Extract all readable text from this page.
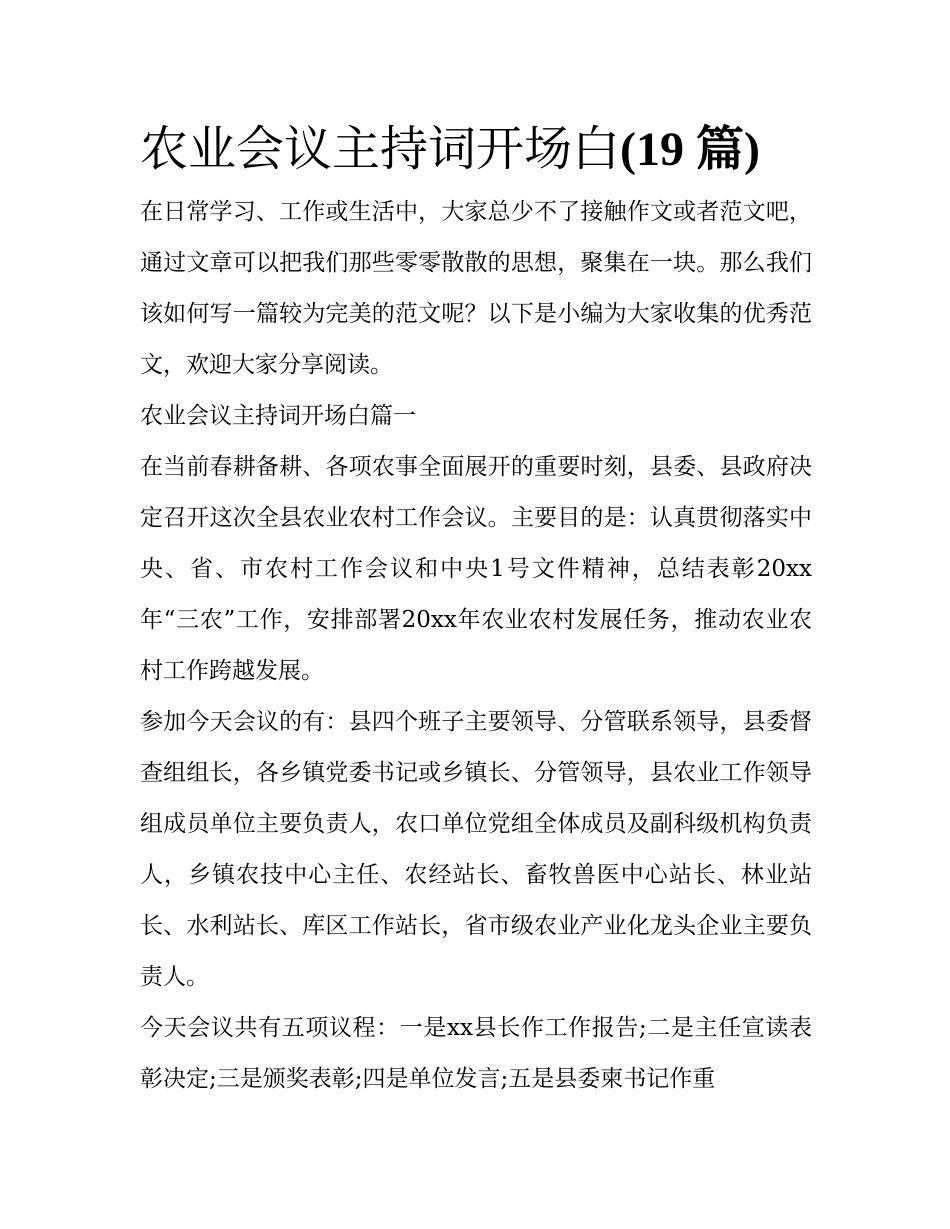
农业会议主持词开场白(19 篇)

在日常学习、工作或生活中，大家总少不了接触作文或者范文吧，通过文章可以把我们那些零零散散的思想，聚集在一块。那么我们该如何写一篇较为完美的范文呢？以下是小编为大家收集的优秀范文，欢迎大家分享阅读。

农业会议主持词开场白篇一

在当前春耕备耕、各项农事全面展开的重要时刻，县委、县政府决定召开这次全县农业农村工作会议。主要目的是：认真贯彻落实中央、省、市农村工作会议和中央1号文件精神，总结表彰20xx年“三农”工作，安排部署20xx年农业农村发展任务，推动农业农村工作跨越发展。

参加今天会议的有：县四个班子主要领导、分管联系领导，县委督查组组长，各乡镇党委书记或乡镇长、分管领导，县农业工作领导组成员单位主要负责人，农口单位党组全体成员及副科级机构负责人，乡镇农技中心主任、农经站长、畜牧兽医中心站长、林业站长、水利站长、库区工作站长，省市级农业产业化龙头企业主要负责人。

今天会议共有五项议程：一是xx县长作工作报告;二是主任宣读表彰决定;三是颁奖表彰;四是单位发言;五是县委柬书记作重
